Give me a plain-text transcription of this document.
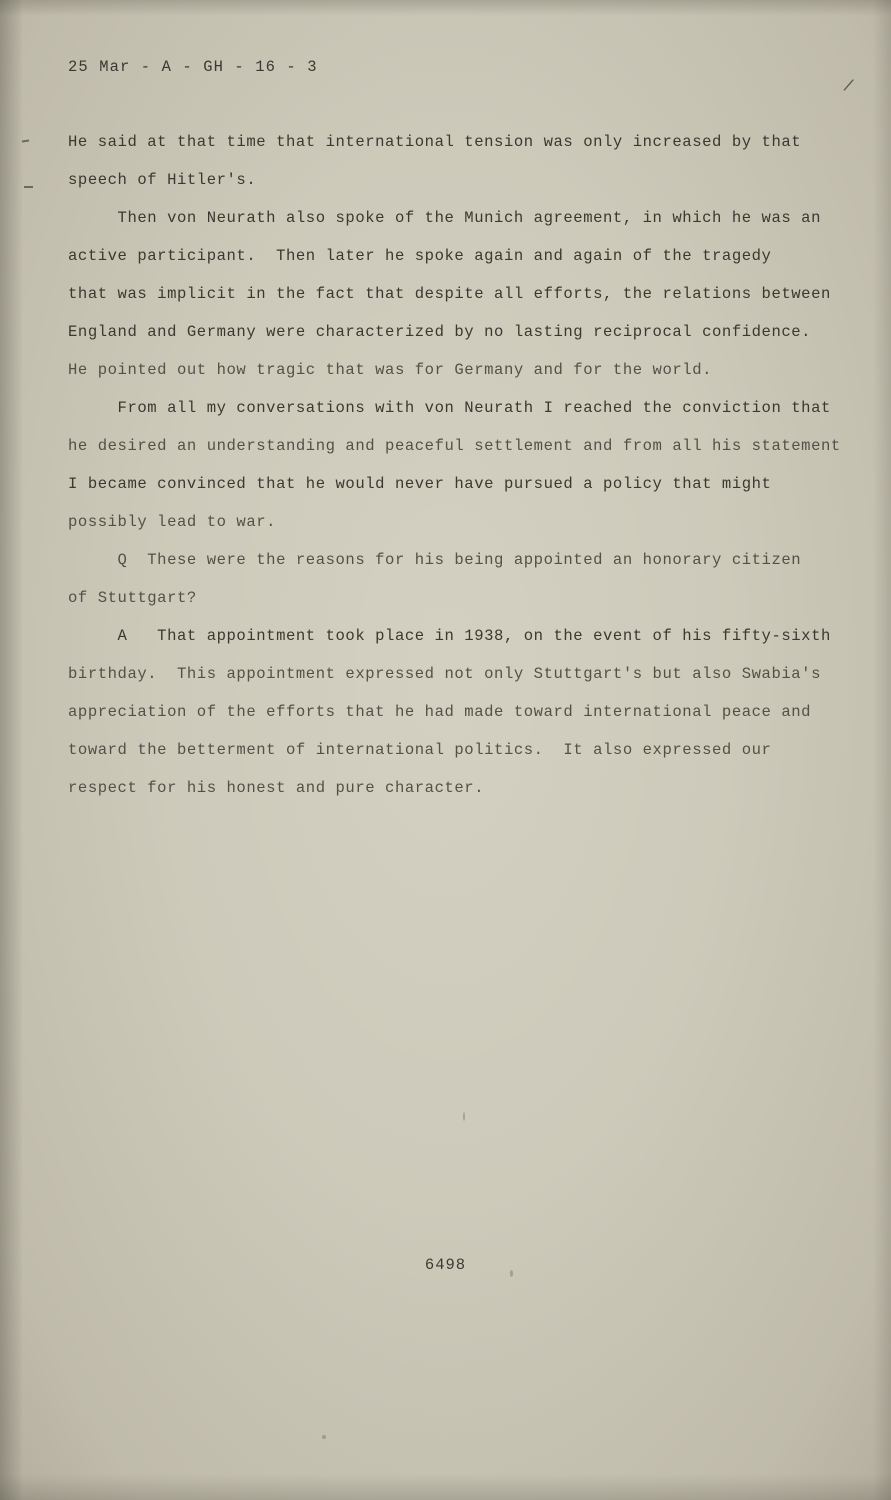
25 Mar - A - GH - 16 - 3
/
He said at that time that international tension was only increased by that
speech of Hitler's.
Then von Neurath also spoke of the Munich agreement, in which he was an
active participant.  Then later he spoke again and again of the tragedy
that was implicit in the fact that despite all efforts, the relations between
England and Germany were characterized by no lasting reciprocal confidence.
He pointed out how tragic that was for Germany and for the world.
From all my conversations with von Neurath I reached the conviction that
he desired an understanding and peaceful settlement and from all his statement
I became convinced that he would never have pursued a policy that might
possibly lead to war.
Q  These were the reasons for his being appointed an honorary citizen
of Stuttgart?
A   That appointment took place in 1938, on the event of his fifty-sixth
birthday.  This appointment expressed not only Stuttgart's but also Swabia's
appreciation of the efforts that he had made toward international peace and
toward the betterment of international politics.  It also expressed our
respect for his honest and pure character.
6498
